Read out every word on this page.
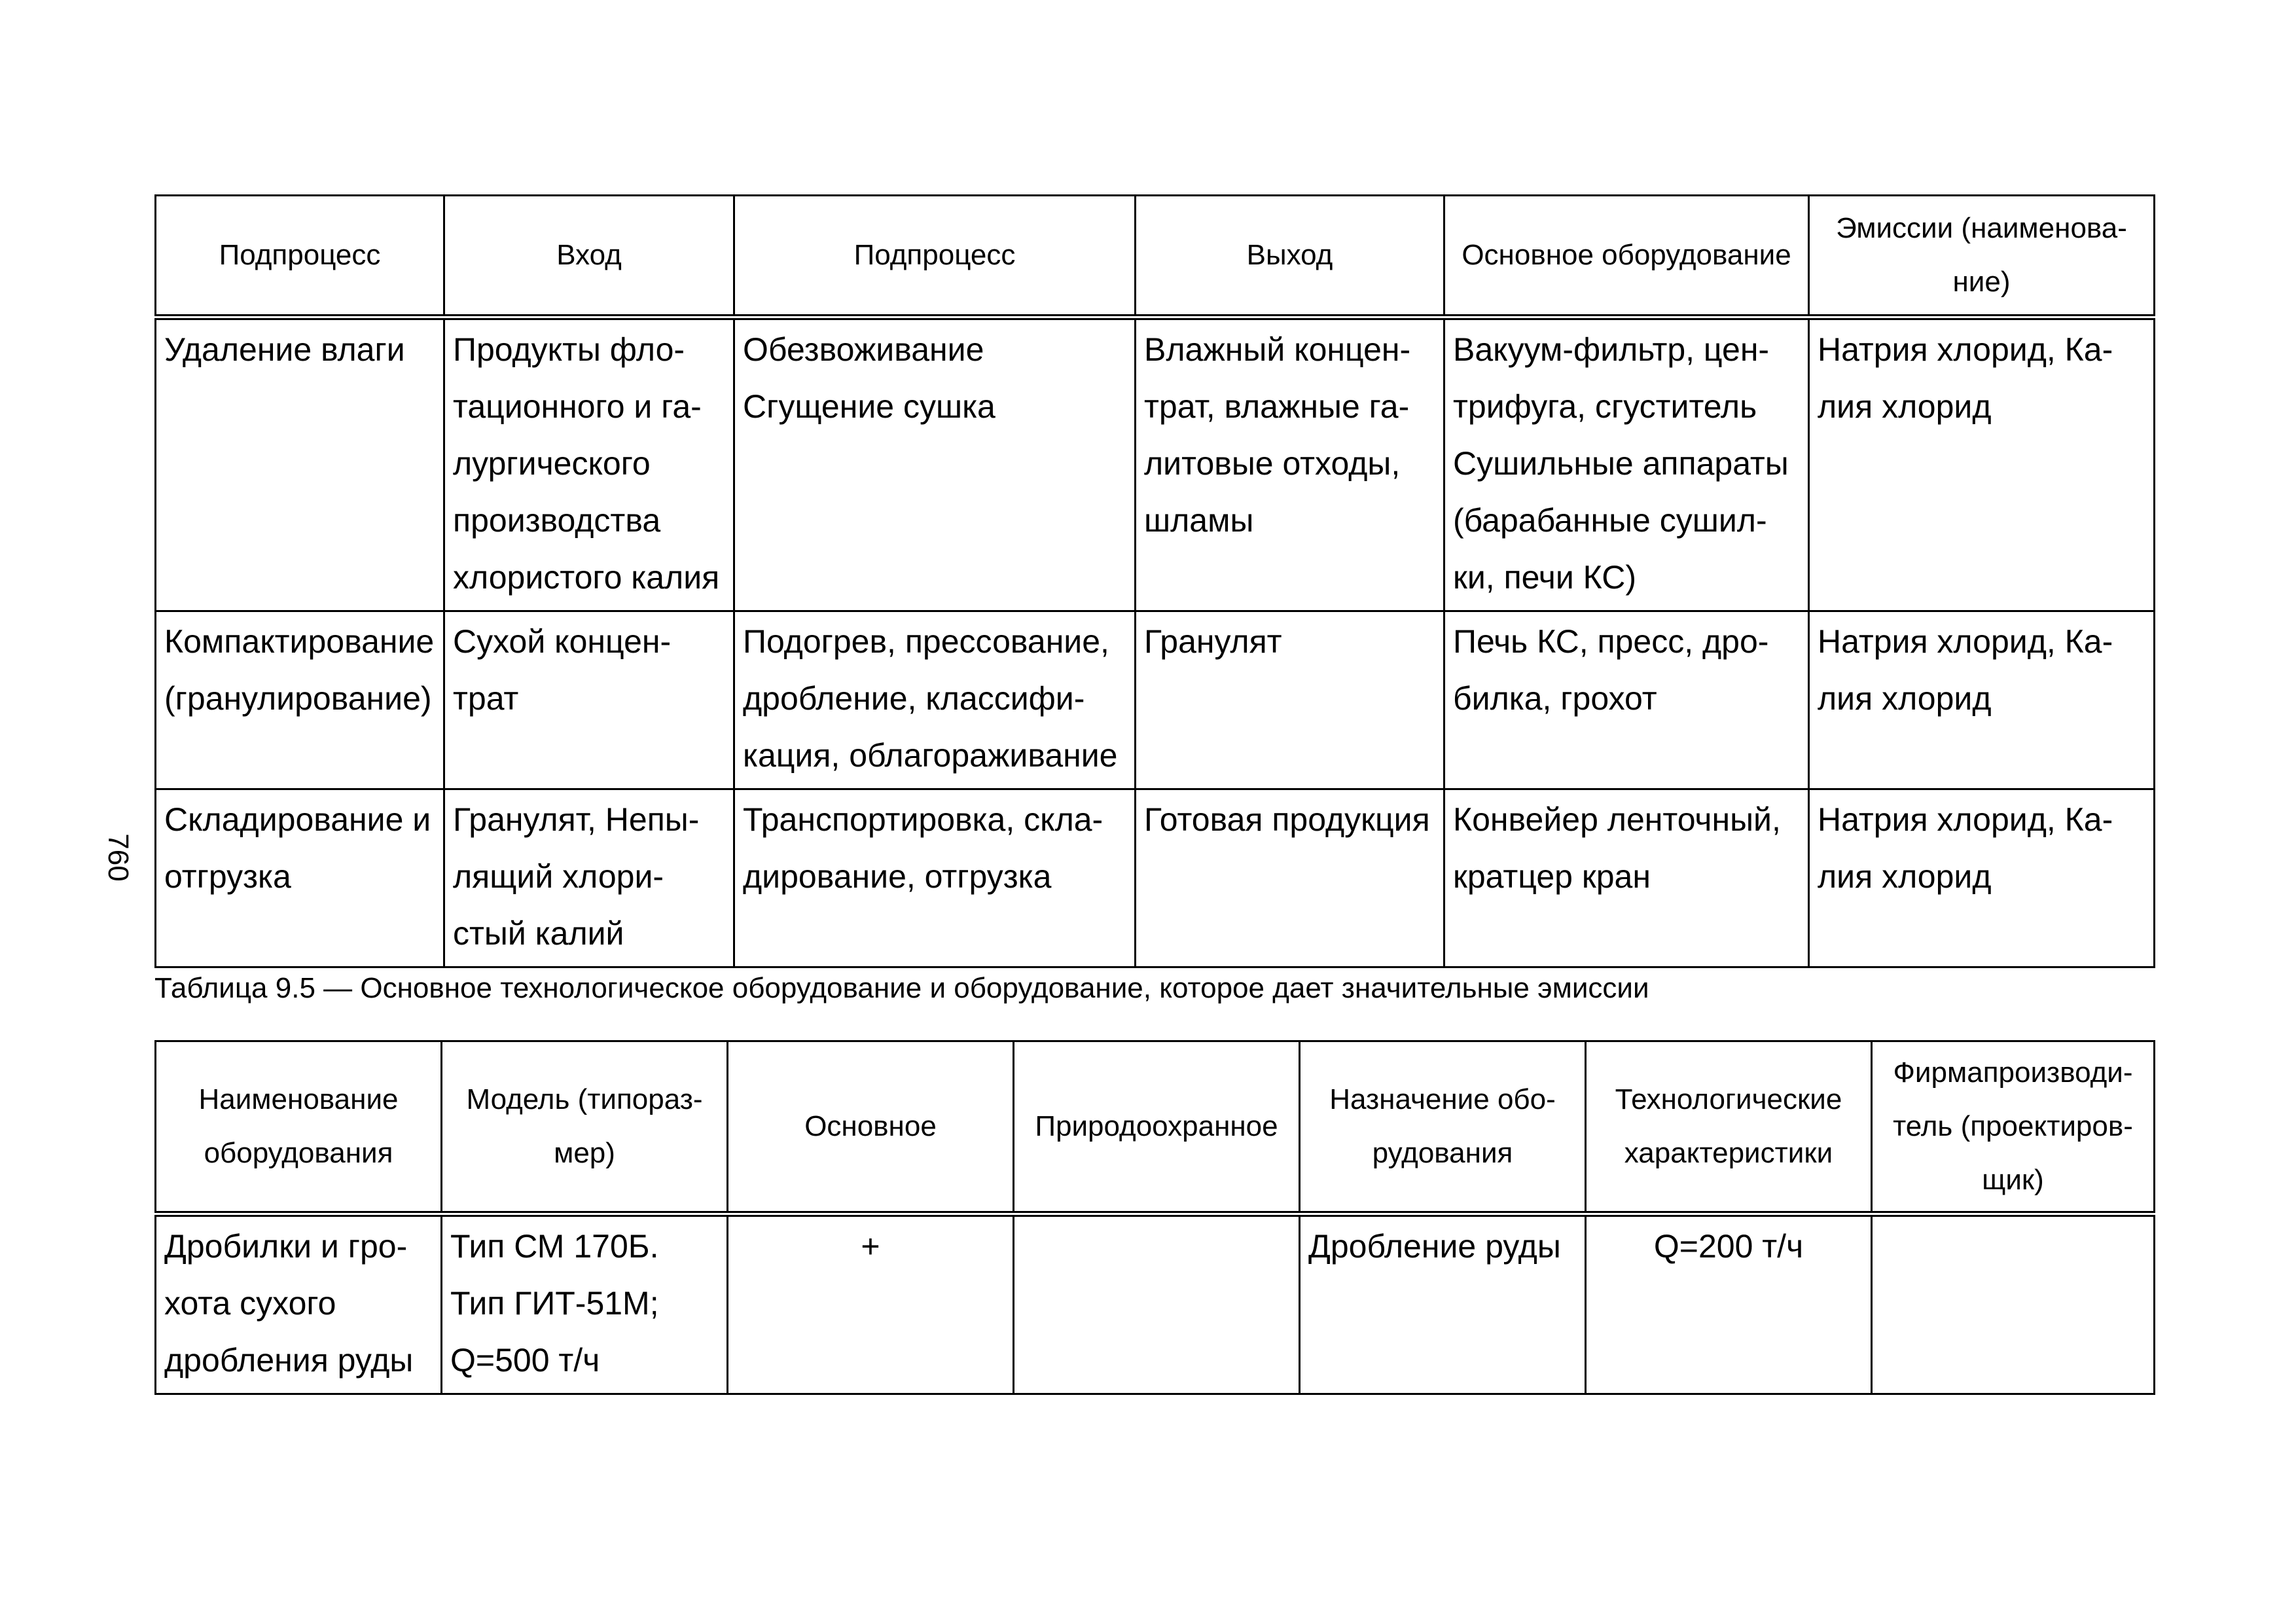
760
Подпроцесс	Вход	Подпроцесс	Выход	Основное оборудование	Эмиссии (наименова-ние)
Удаление влаги	Продукты фло-тационного и га-лургического производства хлористого калия	Обезвоживание Сгущение сушка	Влажный концен-трат, влажные га-литовые отходы, шламы	Вакуум-фильтр, цен-трифуга, сгуститель Сушильные аппараты (барабанные сушил-ки, печи КС)	Натрия хлорид, Ка-лия хлорид
Компактирование (гранулирование)	Сухой концен-трат	Подогрев, прессование, дробление, классифи-кация, облагораживание	Гранулят	Печь КС, пресс, дро-билка, грохот	Натрия хлорид, Ка-лия хлорид
Складирование и отгрузка	Гранулят, Непы-лящий хлори-стый калий	Транспортировка, скла-дирование, отгрузка	Готовая продукция	Конвейер ленточный, кратцер кран	Натрия хлорид, Ка-лия хлорид
Таблица 9.5 — Основное технологическое оборудование и оборудование, которое дает значительные эмиссии
Наименование оборудования	Модель (типораз-мер)	Основное	Природоохранное	Назначение обо-рудования	Технологические характеристики	Фирмапроизводи-тель (проектиров-щик)
Дробилки и гро-хота сухого дробления руды	Тип СМ 170Б. Тип ГИТ-51М; Q=500 т/ч	+		Дробление руды	Q=200 т/ч	
